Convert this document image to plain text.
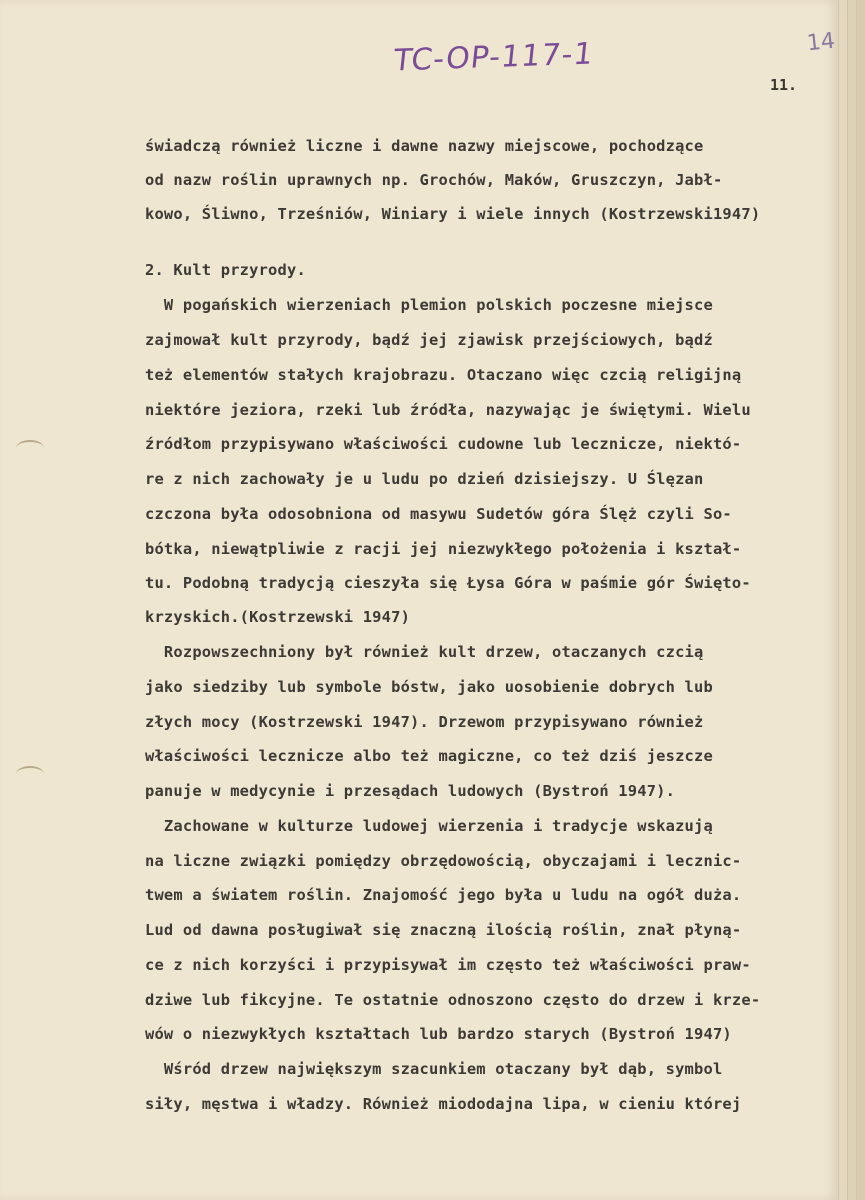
TC-OP-117-1	14
11.
świadczą również liczne i dawne nazwy miejscowe, pochodzące
od nazw roślin uprawnych np. Grochów, Maków, Gruszczyn, Jabł-
kowo, Śliwno, Trześniów, Winiary i wiele innych (Kostrzewski1947)
2. Kult przyrody.
W pogańskich wierzeniach plemion polskich poczesne miejsce
zajmował kult przyrody, bądź jej zjawisk przejściowych, bądź
też elementów stałych krajobrazu. Otaczano więc czcią religijną
niektóre jeziora, rzeki lub źródła, nazywając je świętymi. Wielu
źródłom przypisywano właściwości cudowne lub lecznicze, niektó-
re z nich zachowały je u ludu po dzień dzisiejszy. U Ślęzan
czczona była odosobniona od masywu Sudetów góra Ślęż czyli So-
bótka, niewątpliwie z racji jej niezwykłego położenia i kształ-
tu. Podobną tradycją cieszyła się Łysa Góra w paśmie gór Święto-
krzyskich.(Kostrzewski 1947)
Rozpowszechniony był również kult drzew, otaczanych czcią
jako siedziby lub symbole bóstw, jako uosobienie dobrych lub
złych mocy (Kostrzewski 1947). Drzewom przypisywano również
właściwości lecznicze albo też magiczne, co też dziś jeszcze
panuje w medycynie i przesądach ludowych (Bystroń 1947).
Zachowane w kulturze ludowej wierzenia i tradycje wskazują
na liczne związki pomiędzy obrzędowością, obyczajami i lecznic-
twem a światem roślin. Znajomość jego była u ludu na ogół duża.
Lud od dawna posługiwał się znaczną ilością roślin, znał płyną-
ce z nich korzyści i przypisywał im często też właściwości praw-
dziwe lub fikcyjne. Te ostatnie odnoszono często do drzew i krze-
wów o niezwykłych kształtach lub bardzo starych (Bystroń 1947)
Wśród drzew największym szacunkiem otaczany był dąb, symbol
siły, męstwa i władzy. Również miododajna lipa, w cieniu której
